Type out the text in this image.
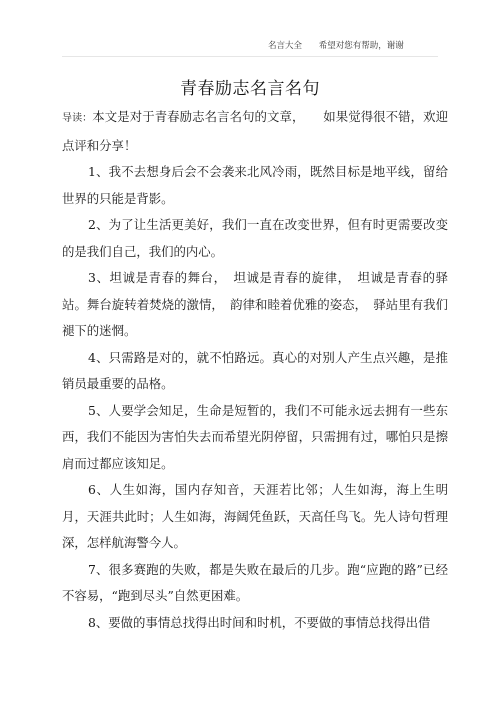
名言大全 希望对您有帮助，谢谢
青春励志名言名句

导读：本文是对于青春励志名言名句的文章，　　如果觉得很不错，欢迎点评和分享！

1、我不去想身后会不会袭来北风冷雨，既然目标是地平线，留给世界的只能是背影。

2、为了让生活更美好，我们一直在改变世界，但有时更需要改变的是我们自己，我们的内心。

3、坦诚是青春的舞台，　坦诚是青春的旋律，　坦诚是青春的驿站。舞台旋转着焚烧的激情，　韵律和睦着优雅的姿态，　驿站里有我们褪下的迷惘。

4、只需路是对的，就不怕路远。真心的对别人产生点兴趣，是推销员最重要的品格。

5、人要学会知足，生命是短暂的，我们不可能永远去拥有一些东西，我们不能因为害怕失去而希望光阴停留，只需拥有过，哪怕只是擦肩而过都应该知足。

6、人生如海，国内存知音，天涯若比邻；人生如海，海上生明月，天涯共此时；人生如海，海阔凭鱼跃，天高任鸟飞。先人诗句哲理深，怎样航海警今人。

7、很多赛跑的失败，都是失败在最后的几步。跑“应跑的路”已经不容易，“跑到尽头”自然更困难。

8、要做的事情总找得出时间和时机，不要做的事情总找得出借
